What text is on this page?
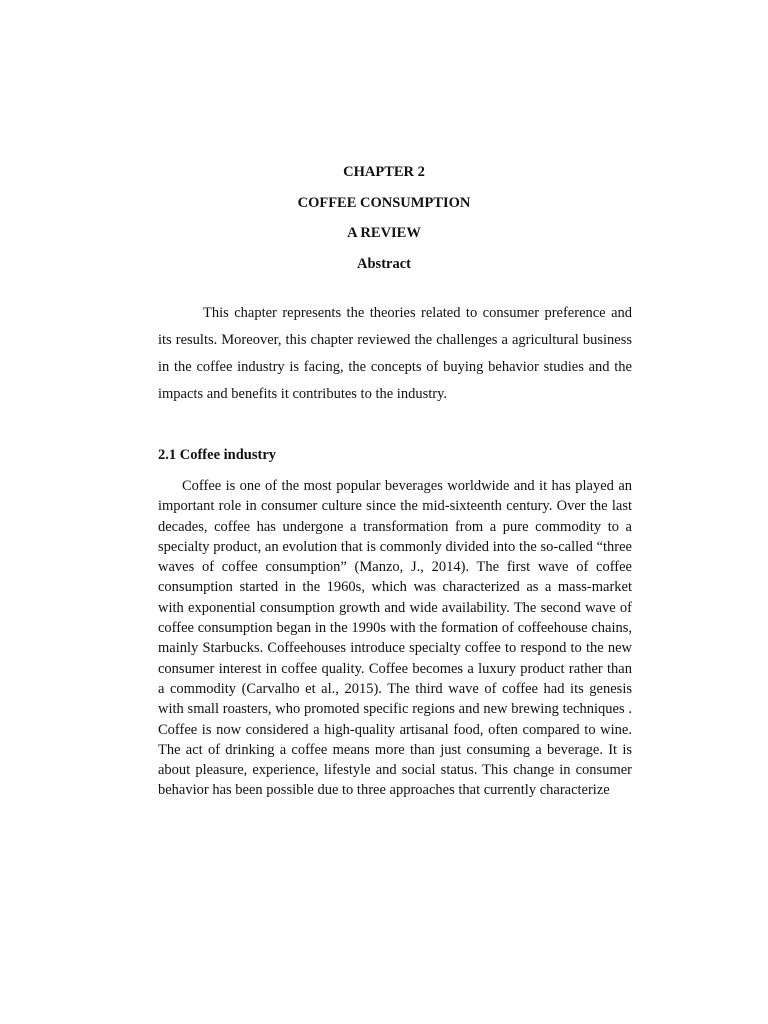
CHAPTER 2
COFFEE CONSUMPTION
A REVIEW
Abstract

This chapter represents the theories related to consumer preference and its results. Moreover, this chapter reviewed the challenges a agricultural business in the coffee industry is facing, the concepts of buying behavior studies and the impacts and benefits it contributes to the industry.

2.1 Coffee industry

Coffee is one of the most popular beverages worldwide and it has played an important role in consumer culture since the mid-sixteenth century. Over the last decades, coffee has undergone a transformation from a pure commodity to a specialty product, an evolution that is commonly divided into the so-called “three waves of coffee consumption” (Manzo, J., 2014). The first wave of coffee consumption started in the 1960s, which was characterized as a mass-market with exponential consumption growth and wide availability. The second wave of coffee consumption began in the 1990s with the formation of coffeehouse chains, mainly Starbucks. Coffeehouses introduce specialty coffee to respond to the new consumer interest in coffee quality. Coffee becomes a luxury product rather than a commodity (Carvalho et al., 2015). The third wave of coffee had its genesis with small roasters, who promoted specific regions and new brewing techniques . Coffee is now considered a high-quality artisanal food, often compared to wine. The act of drinking a coffee means more than just consuming a beverage. It is about pleasure, experience, lifestyle and social status. This change in consumer behavior has been possible due to three approaches that currently characterize
